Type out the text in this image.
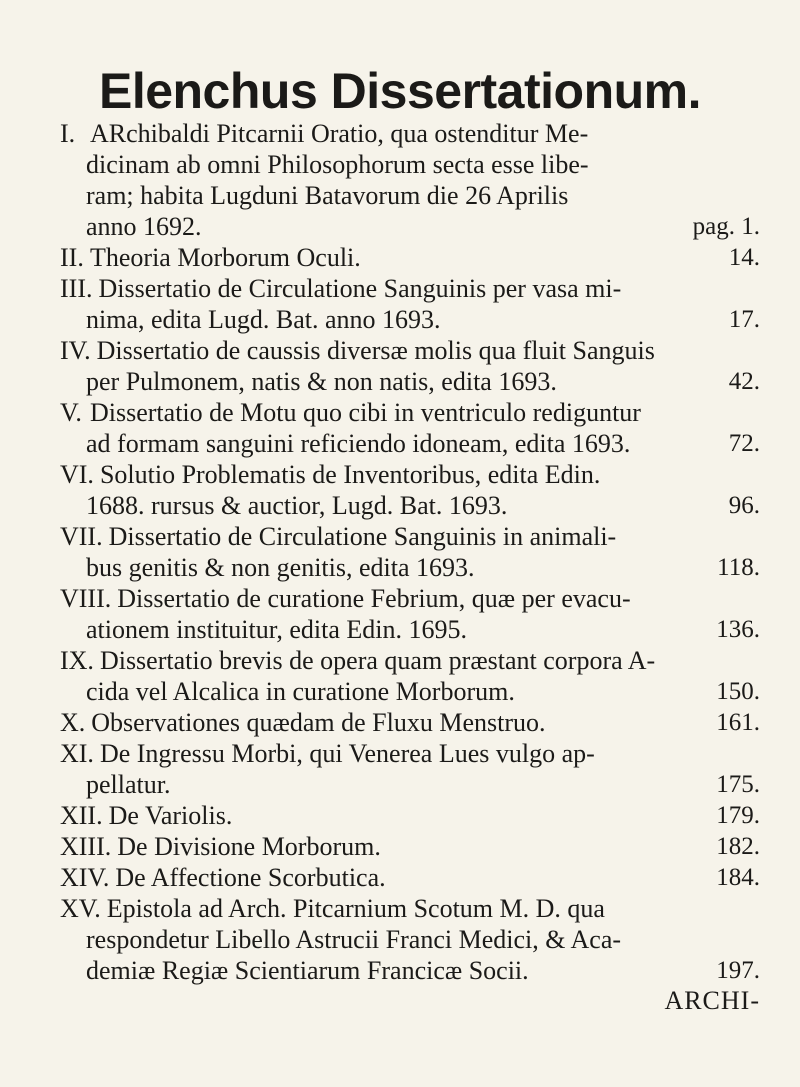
Elenchus Dissertationum.
I. ARchibaldi Pitcarnii Oratio, qua ostenditur Me-
dicinam ab omni Philosophorum secta esse libe-
ram; habita Lugduni Batavorum die 26 Aprilis
anno 1692.	pag. 1.
II. Theoria Morborum Oculi.	14.
III. Dissertatio de Circulatione Sanguinis per vasa mi-
nima, edita Lugd. Bat. anno 1693.	17.
IV. Dissertatio de caussis diversæ molis qua fluit Sanguis
per Pulmonem, natis & non natis, edita 1693.	42.
V. Dissertatio de Motu quo cibi in ventriculo rediguntur
ad formam sanguini reficiendo idoneam, edita 1693.	72.
VI. Solutio Problematis de Inventoribus, edita Edin.
1688. rursus & auctior, Lugd. Bat. 1693.	96.
VII. Dissertatio de Circulatione Sanguinis in animali-
bus genitis & non genitis, edita 1693.	118.
VIII. Dissertatio de curatione Febrium, quæ per evacu-
ationem instituitur, edita Edin. 1695.	136.
IX. Dissertatio brevis de opera quam præstant corpora A-
cida vel Alcalica in curatione Morborum.	150.
X. Observationes quædam de Fluxu Menstruo.	161.
XI. De Ingressu Morbi, qui Venerea Lues vulgo ap-
pellatur.	175.
XII. De Variolis.	179.
XIII. De Divisione Morborum.	182.
XIV. De Affectione Scorbutica.	184.
XV. Epistola ad Arch. Pitcarnium Scotum M. D. qua
respondetur Libello Astrucii Franci Medici, & Aca-
demiæ Regiæ Scientiarum Francicæ Socii.	197.
ARCHI-
